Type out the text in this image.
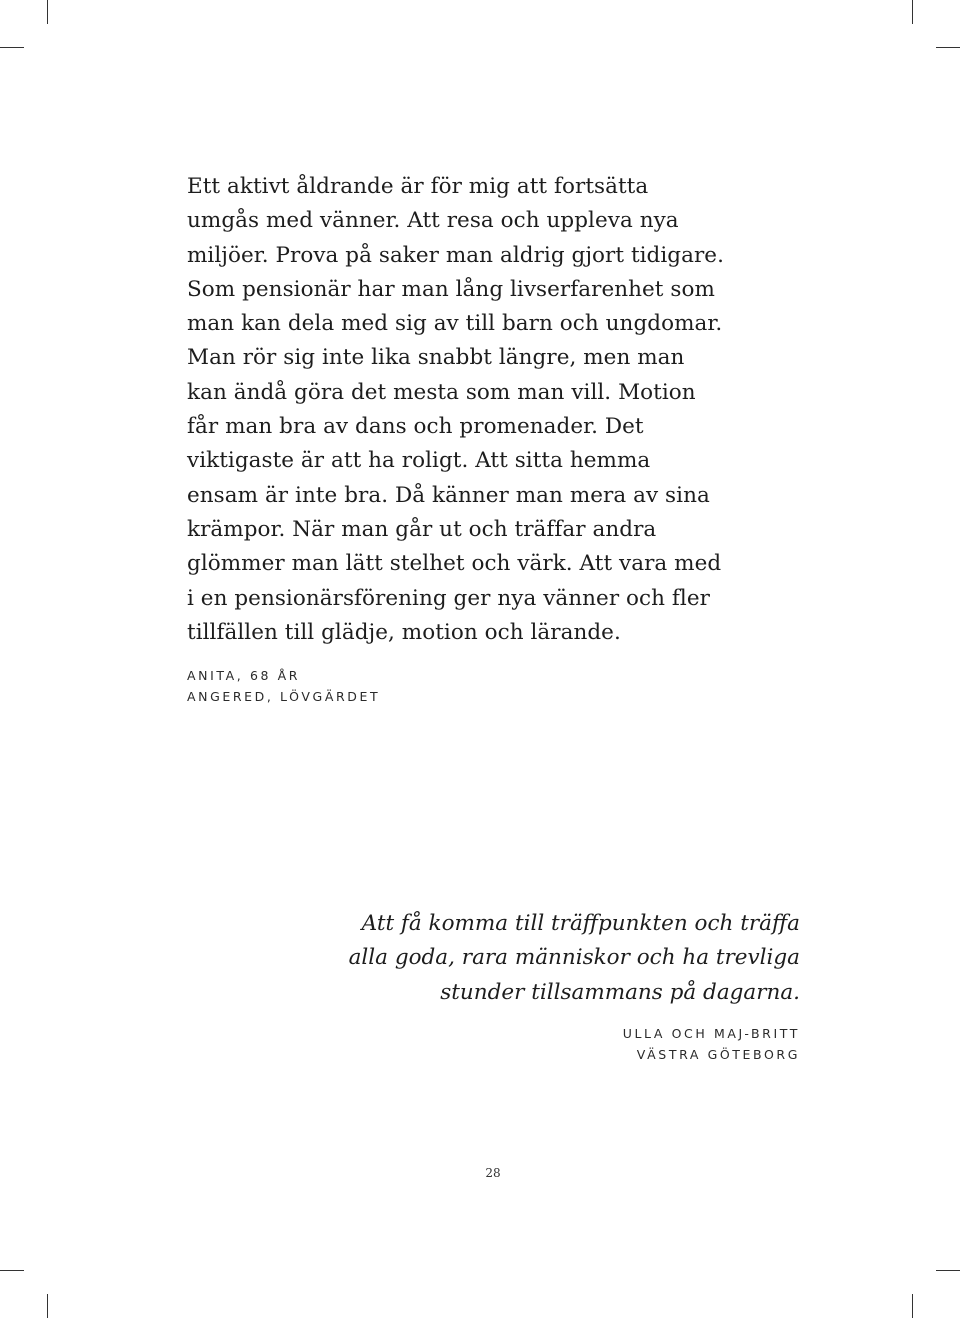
Ett aktivt åldrande är för mig att fortsätta
umgås med vänner. Att resa och uppleva nya
miljöer. Prova på saker man aldrig gjort tidigare.
Som pensionär har man lång livserfarenhet som
man kan dela med sig av till barn och ungdomar.
Man rör sig inte lika snabbt längre, men man
kan ändå göra det mesta som man vill. Motion
får man bra av dans och promenader. Det
viktigaste är att ha roligt. Att sitta hemma
ensam är inte bra. Då känner man mera av sina
krämpor. När man går ut och träffar andra
glömmer man lätt stelhet och värk. Att vara med
i en pensionärsförening ger nya vänner och fler
tillfällen till glädje, motion och lärande.
ANITA, 68 ÅR
ANGERED, LÖVGÄRDET
Att få komma till träffpunkten och träffa
alla goda, rara människor och ha trevliga
stunder tillsammans på dagarna.
ULLA OCH MAJ-BRITT
VÄSTRA GÖTEBORG
28
